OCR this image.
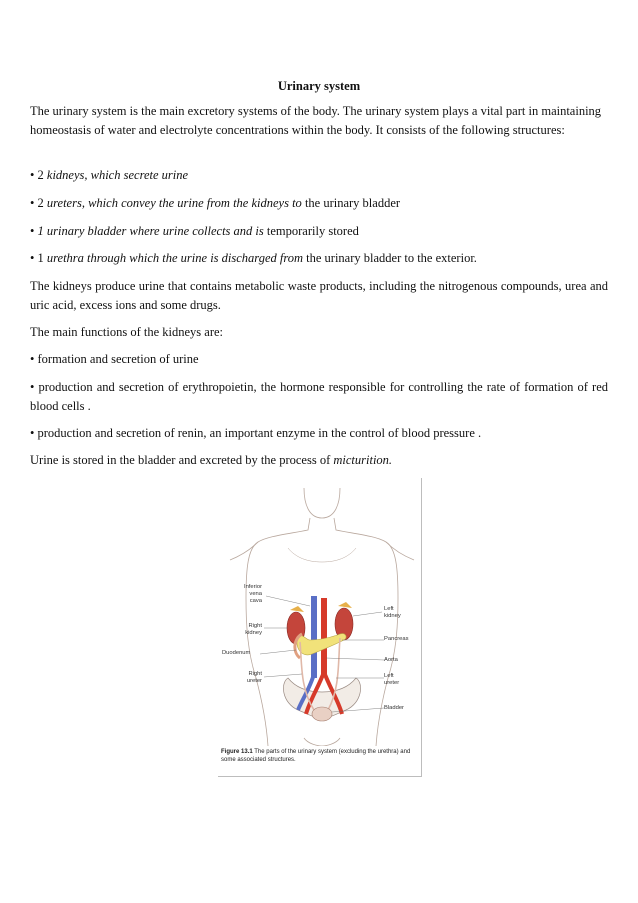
Urinary system

The urinary system is the main excretory systems of the body. The urinary system plays a vital part in maintaining homeostasis of water and electrolyte concentrations within the body. It consists of the following structures:

• 2 kidneys, which secrete urine

• 2 ureters, which convey the urine from the kidneys to the urinary bladder

• 1 urinary bladder where urine collects and is temporarily stored

• 1 urethra through which the urine is discharged from the urinary bladder to the exterior.

The kidneys produce urine that contains metabolic waste products, including the nitrogenous compounds, urea and uric acid, excess ions and some drugs.

The main functions of the kidneys are:

• formation and secretion of urine

• production and secretion of erythropoietin, the hormone responsible for controlling the rate of formation of red blood cells .

• production and secretion of renin, an important enzyme in the control of blood pressure .

Urine is stored in the bladder and excreted by the process of micturition.

Inferior
vena
cava
Right
kidney
Duodenum
Right
ureter
Left
kidney
Pancreas
Aorta
Left
ureter
Bladder
Figure 13.1 The parts of the urinary system (excluding the urethra) and some associated structures.
